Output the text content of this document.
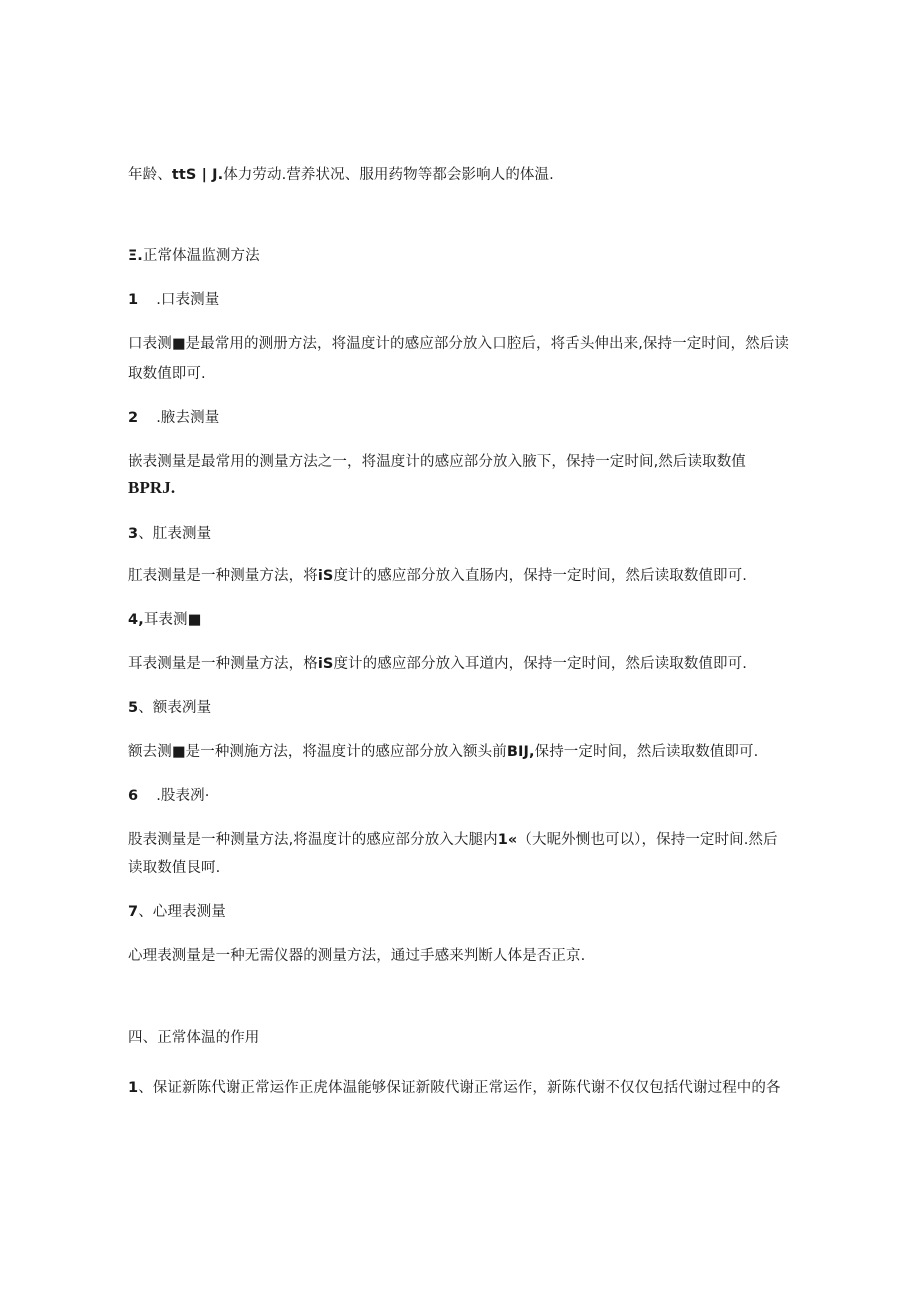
年龄、ttS | J.体力劳动.营养状况、服用药物等都会影响人的体温.
Ξ.正常体温监测方法
1 .口表测量
口表测■是最常用的测册方法，将温度计的感应部分放入口腔后，将舌头伸出来,保持一定时间，然后读
取数值即可.
2 .腋去测量
嵌表测量是最常用的测量方法之一，将温度计的感应部分放入腋下，保持一定时间,然后读取数值
BPRJ.
3、肛表测量
肛表测量是一种测量方法，将iS度计的感应部分放入直肠内，保持一定时间，然后读取数值即可.
4,耳表测■
耳表测量是一种测量方法，格iS度计的感应部分放入耳道内，保持一定时间，然后读取数值即可.
5、额表冽量
额去测■是一种测施方法，将温度计的感应部分放入额头前BIJ,保持一定时间，然后读取数值即可.
6 .股表冽·
股表测量是一种测量方法,将温度计的感应部分放入大腿内1«（大昵外恻也可以），保持一定时间.然后
读取数值艮呵.
7、心理表测量
心理表测量是一种无需仪器的测量方法，通过手感来判断人体是否正京.
四、正常体温的作用
1、保证新陈代谢正常运作正虎体温能够保证新陂代谢正常运作，新陈代谢不仅仅包括代谢过程中的各
